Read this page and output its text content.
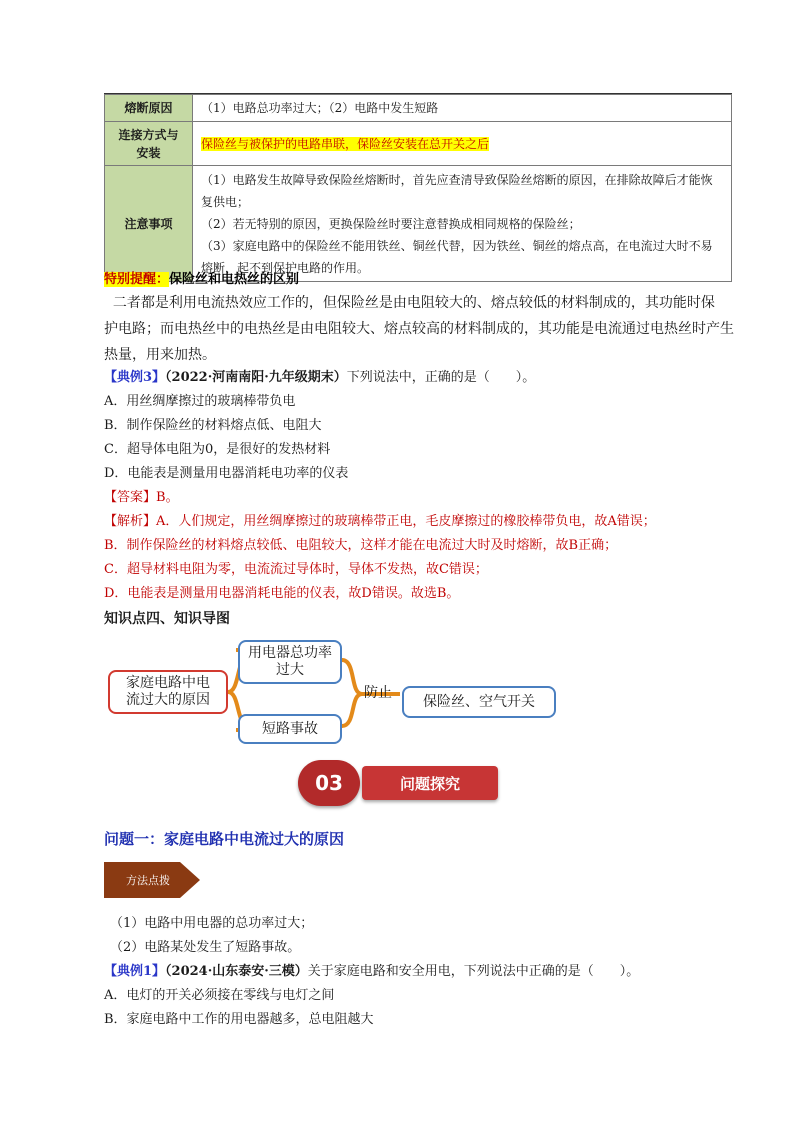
熔断原因	（1）电路总功率过大；（2）电路中发生短路

连接方式与
安装	保险丝与被保护的电路串联，保险丝安装在总开关之后
注意事项	（1）电路发生故障导致保险丝熔断时，首先应查清导致保险丝熔断的原因，在排除故障后才能恢

复供电；

（2）若无特别的原因，更换保险丝时要注意替换成相同规格的保险丝；

（3）家庭电路中的保险丝不能用铁丝、铜丝代替，因为铁丝、铜丝的熔点高，在电流过大时不易

熔断，起不到保护电路的作用。

特别提醒：保险丝和电热丝的区别
二者都是利用电流热效应工作的，但保险丝是由电阻较大的、熔点较低的材料制成的，其功能时保
护电路；而电热丝中的电热丝是由电阻较大、熔点较高的材料制成的，其功能是电流通过电热丝时产生
热量，用来加热。
【典例3】（2022·河南南阳·九年级期末）下列说法中，正确的是（　　）。
A．用丝绸摩擦过的玻璃棒带负电
B．制作保险丝的材料熔点低、电阻大
C．超导体电阻为0，是很好的发热材料
D．电能表是测量用电器消耗电功率的仪表
【答案】B。
【解析】A．人们规定，用丝绸摩擦过的玻璃棒带正电，毛皮摩擦过的橡胶棒带负电，故A错误；
B．制作保险丝的材料熔点较低、电阻较大，这样才能在电流过大时及时熔断，故B正确；
C．超导材料电阻为零，电流流过导体时，导体不发热，故C错误；
D．电能表是测量用电器消耗电能的仪表，故D错误。故选B。
知识点四、知识导图
家庭电路中电
流过大的原因
用电器总功率
过大
短路事故
防止
保险丝、空气开关
03	问题探究
问题一：家庭电路中电流过大的原因
方法点拨
（1）电路中用电器的总功率过大；
（2）电路某处发生了短路事故。
【典例1】（2024·山东泰安·三模）关于家庭电路和安全用电，下列说法中正确的是（　　）。
A．电灯的开关必须接在零线与电灯之间
B．家庭电路中工作的用电器越多，总电阻越大
